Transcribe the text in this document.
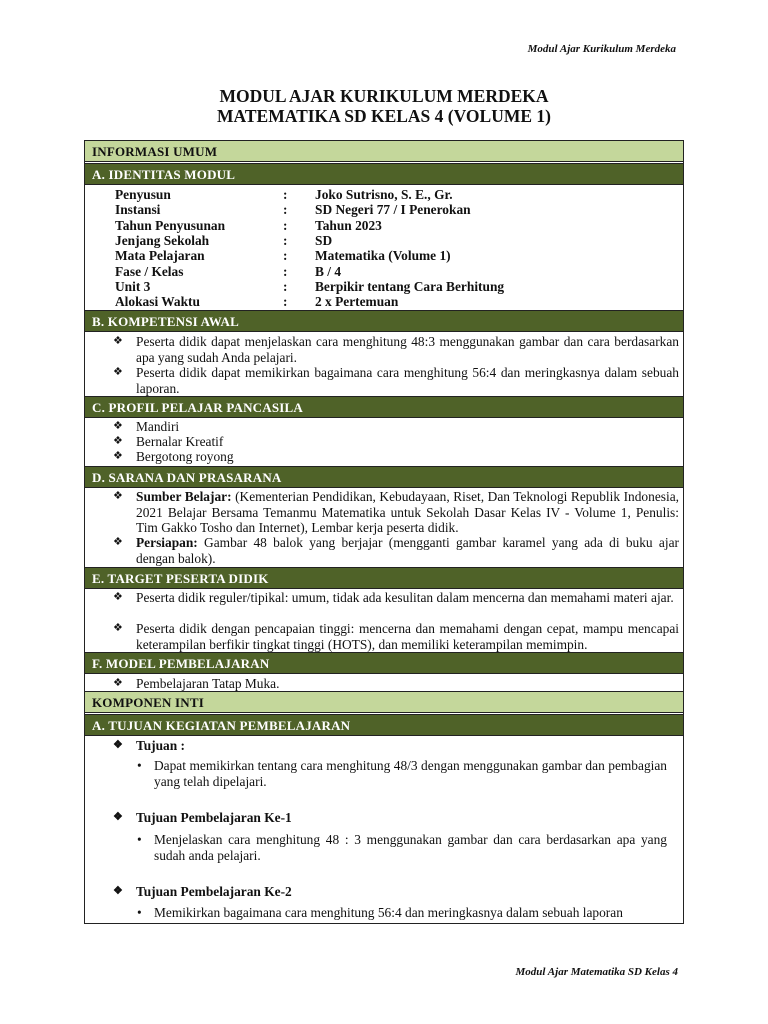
Modul Ajar Kurikulum Merdeka
MODUL AJAR KURIKULUM MERDEKA
MATEMATIKA SD KELAS 4 (VOLUME 1)
INFORMASI UMUM
A. IDENTITAS MODUL
Penyusun	: Joko Sutrisno, S. E., Gr.
Instansi	: SD Negeri 77 / I Penerokan
Tahun Penyusunan	: Tahun 2023
Jenjang Sekolah	: SD
Mata Pelajaran	: Matematika (Volume 1)
Fase / Kelas	: B / 4
Unit 3	: Berpikir tentang Cara Berhitung
Alokasi Waktu	: 2 x Pertemuan
B. KOMPETENSI AWAL
❖ Peserta didik dapat menjelaskan cara menghitung 48:3 menggunakan gambar dan cara berdasarkan apa yang sudah Anda pelajari.
❖ Peserta didik dapat memikirkan bagaimana cara menghitung 56:4 dan meringkasnya dalam sebuah laporan.
C. PROFIL PELAJAR PANCASILA
❖ Mandiri
❖ Bernalar Kreatif
❖ Bergotong royong
D. SARANA DAN PRASARANA
❖ Sumber Belajar: (Kementerian Pendidikan, Kebudayaan, Riset, Dan Teknologi Republik Indonesia, 2021 Belajar Bersama Temanmu Matematika untuk Sekolah Dasar Kelas IV - Volume 1, Penulis: Tim Gakko Tosho dan Internet), Lembar kerja peserta didik.
❖ Persiapan: Gambar 48 balok yang berjajar (mengganti gambar karamel yang ada di buku ajar dengan balok).
E. TARGET PESERTA DIDIK
❖ Peserta didik reguler/tipikal: umum, tidak ada kesulitan dalam mencerna dan memahami materi ajar.
❖ Peserta didik dengan pencapaian tinggi: mencerna dan memahami dengan cepat, mampu mencapai keterampilan berfikir tingkat tinggi (HOTS), dan memiliki keterampilan memimpin.
F. MODEL PEMBELAJARAN
❖ Pembelajaran Tatap Muka.
KOMPONEN INTI
A. TUJUAN KEGIATAN PEMBELAJARAN
❖ Tujuan :
• Dapat memikirkan tentang cara menghitung 48/3 dengan menggunakan gambar dan pembagian yang telah dipelajari.
❖ Tujuan Pembelajaran Ke-1
• Menjelaskan cara menghitung 48 : 3 menggunakan gambar dan cara berdasarkan apa yang sudah anda pelajari.
❖ Tujuan Pembelajaran Ke-2
• Memikirkan bagaimana cara menghitung 56:4 dan meringkasnya dalam sebuah laporan
Modul Ajar Matematika SD Kelas 4
